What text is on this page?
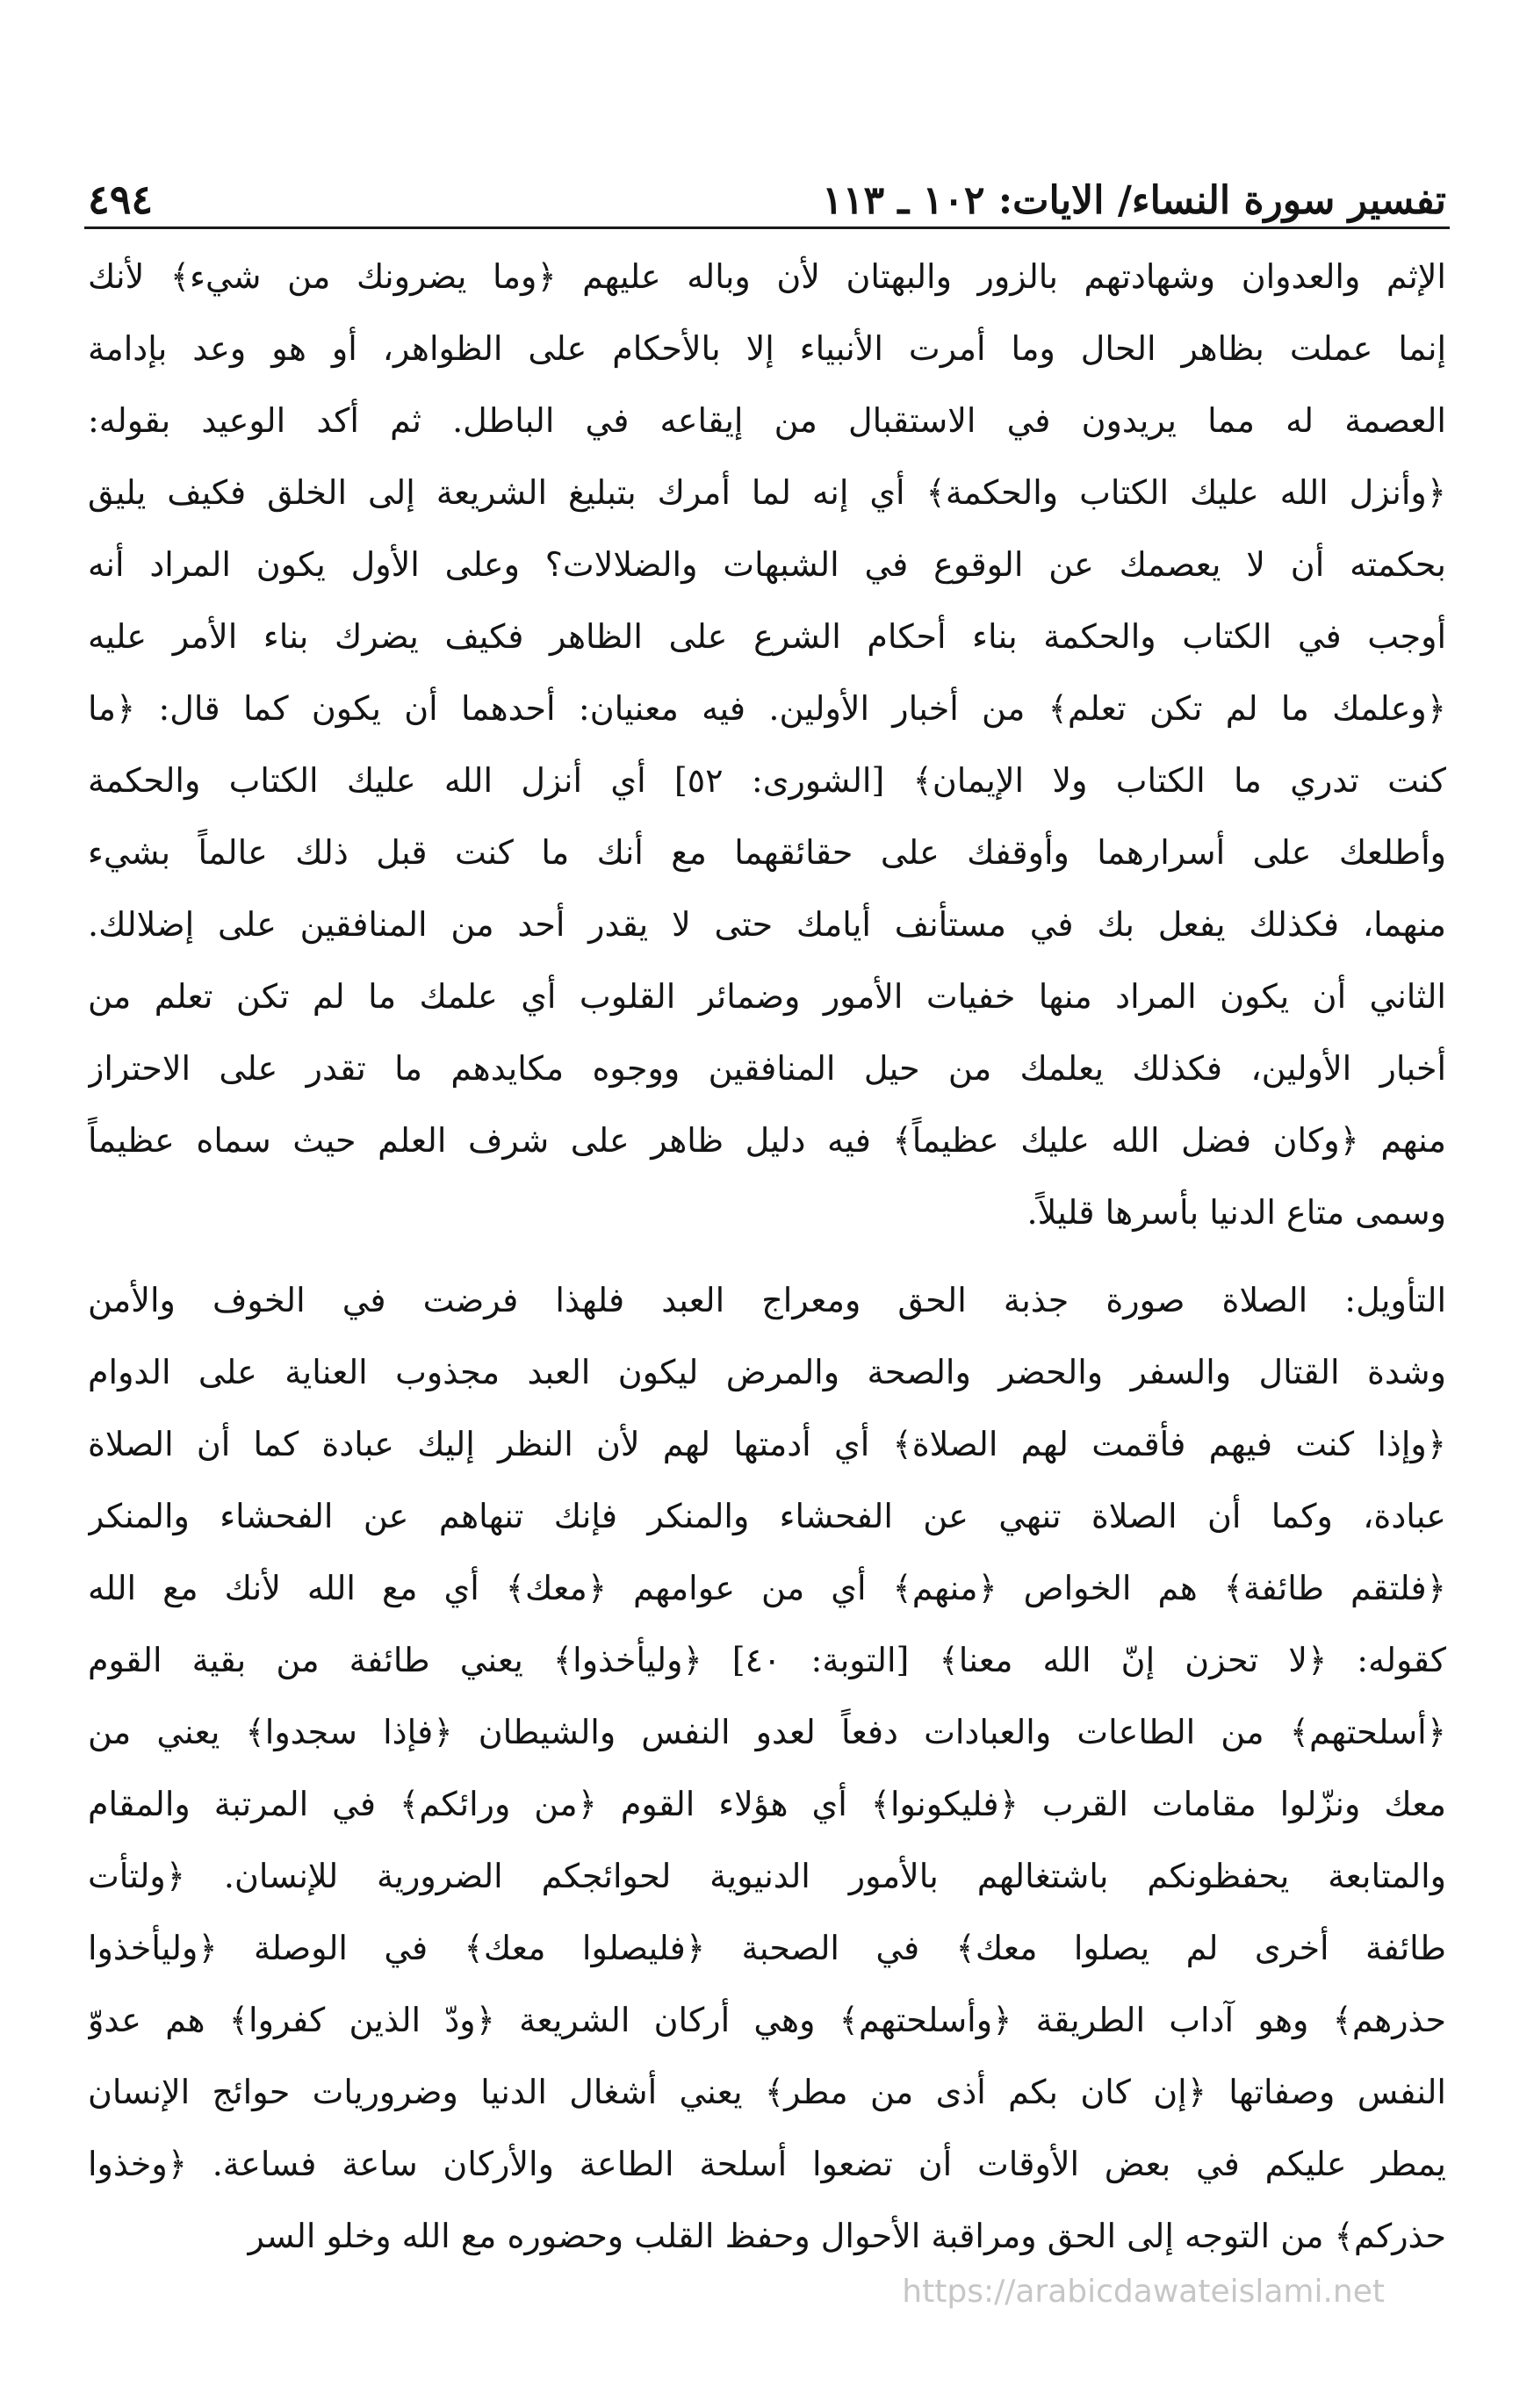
٤٩٤	تفسير سورة النساء/ الايات: ١٠٢ ـ ١١٣
الإثم والعدوان وشهادتهم بالزور والبهتان لأن وباله عليهم ﴿وما يضرونك من شيء﴾ لأنك
إنما عملت بظاهر الحال وما أمرت الأنبياء إلا بالأحكام على الظواهر، أو هو وعد بإدامة
العصمة له مما يريدون في الاستقبال من إيقاعه في الباطل. ثم أكد الوعيد بقوله:
﴿وأنزل الله عليك الكتاب والحكمة﴾ أي إنه لما أمرك بتبليغ الشريعة إلى الخلق فكيف يليق
بحكمته أن لا يعصمك عن الوقوع في الشبهات والضلالات؟ وعلى الأول يكون المراد أنه
أوجب في الكتاب والحكمة بناء أحكام الشرع على الظاهر فكيف يضرك بناء الأمر عليه
﴿وعلمك ما لم تكن تعلم﴾ من أخبار الأولين. فيه معنيان: أحدهما أن يكون كما قال: ﴿ما
كنت تدري ما الكتاب ولا الإيمان﴾ [الشورى: ٥٢] أي أنزل الله عليك الكتاب والحكمة
وأطلعك على أسرارهما وأوقفك على حقائقهما مع أنك ما كنت قبل ذلك عالماً بشيء
منهما، فكذلك يفعل بك في مستأنف أيامك حتى لا يقدر أحد من المنافقين على إضلالك.
الثاني أن يكون المراد منها خفيات الأمور وضمائر القلوب أي علمك ما لم تكن تعلم من
أخبار الأولين، فكذلك يعلمك من حيل المنافقين ووجوه مكايدهم ما تقدر على الاحتراز
منهم ﴿وكان فضل الله عليك عظيماً﴾ فيه دليل ظاهر على شرف العلم حيث سماه عظيماً
وسمى متاع الدنيا بأسرها قليلاً.
التأويل: الصلاة صورة جذبة الحق ومعراج العبد فلهذا فرضت في الخوف والأمن
وشدة القتال والسفر والحضر والصحة والمرض ليكون العبد مجذوب العناية على الدوام
﴿وإذا كنت فيهم فأقمت لهم الصلاة﴾ أي أدمتها لهم لأن النظر إليك عبادة كما أن الصلاة
عبادة، وكما أن الصلاة تنهي عن الفحشاء والمنكر فإنك تنهاهم عن الفحشاء والمنكر
﴿فلتقم طائفة﴾ هم الخواص ﴿منهم﴾ أي من عوامهم ﴿معك﴾ أي مع الله لأنك مع الله
كقوله: ﴿لا تحزن إنّ الله معنا﴾ [التوبة: ٤٠] ﴿وليأخذوا﴾ يعني طائفة من بقية القوم
﴿أسلحتهم﴾ من الطاعات والعبادات دفعاً لعدو النفس والشيطان ﴿فإذا سجدوا﴾ يعني من
معك ونزّلوا مقامات القرب ﴿فليكونوا﴾ أي هؤلاء القوم ﴿من ورائكم﴾ في المرتبة والمقام
والمتابعة يحفظونكم باشتغالهم بالأمور الدنيوية لحوائجكم الضرورية للإنسان. ﴿ولتأت
طائفة أخرى لم يصلوا معك﴾ في الصحبة ﴿فليصلوا معك﴾ في الوصلة ﴿وليأخذوا
حذرهم﴾ وهو آداب الطريقة ﴿وأسلحتهم﴾ وهي أركان الشريعة ﴿ودّ الذين كفروا﴾ هم عدوّ
النفس وصفاتها ﴿إن كان بكم أذى من مطر﴾ يعني أشغال الدنيا وضروريات حوائج الإنسان
يمطر عليكم في بعض الأوقات أن تضعوا أسلحة الطاعة والأركان ساعة فساعة. ﴿وخذوا
حذركم﴾ من التوجه إلى الحق ومراقبة الأحوال وحفظ القلب وحضوره مع الله وخلو السر
https://arabicdawateislami.net
